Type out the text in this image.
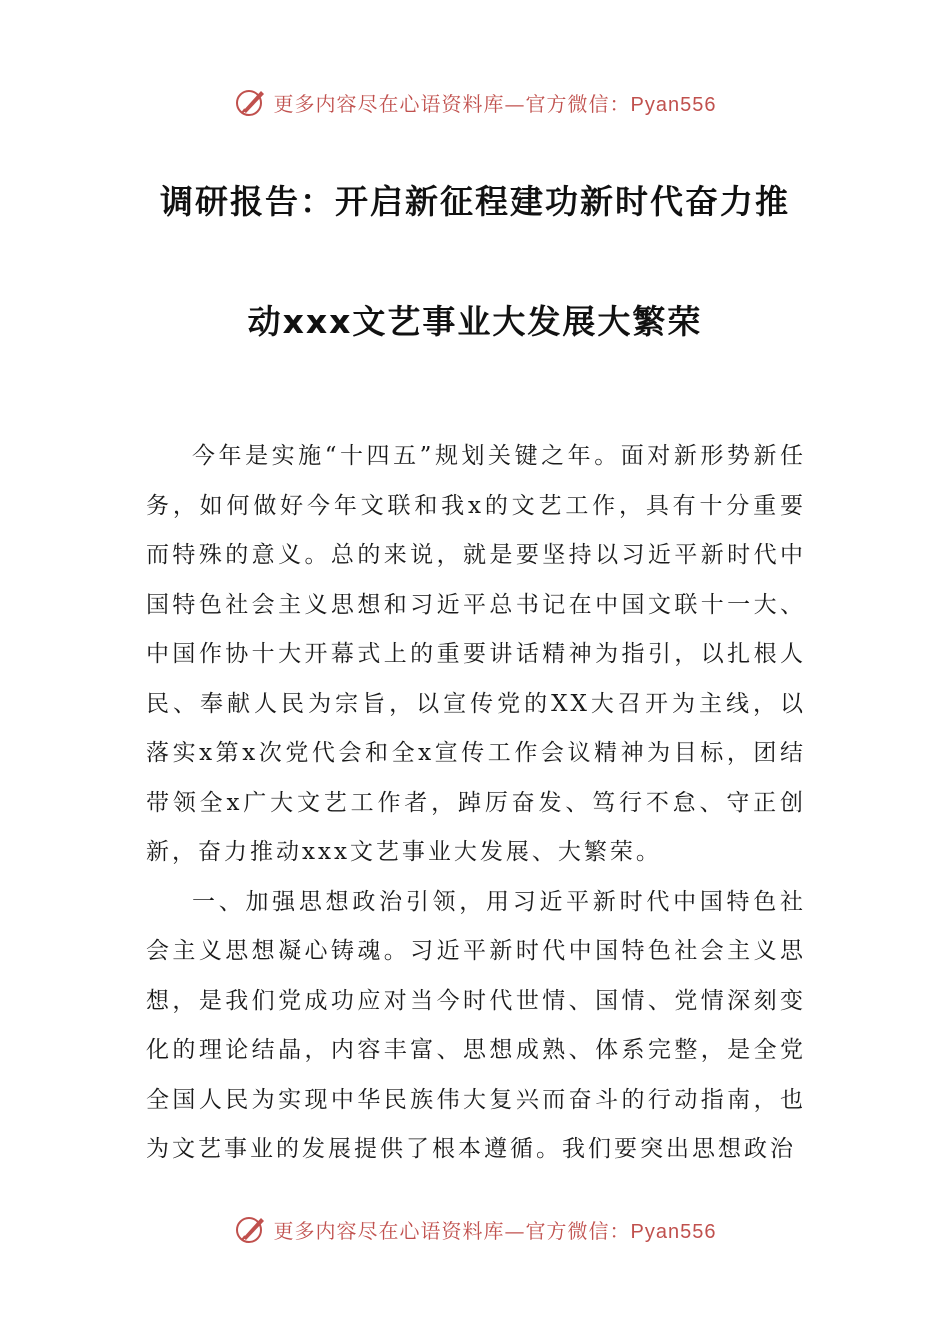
更多内容尽在心语资料库—官方微信：Pyan556
调研报告：开启新征程建功新时代奋力推
动xxx文艺事业大发展大繁荣

今年是实施“十四五”规划关键之年。面对新形势新任务，如何做好今年文联和我x的文艺工作，具有十分重要而特殊的意义。总的来说，就是要坚持以习近平新时代中国特色社会主义思想和习近平总书记在中国文联十一大、中国作协十大开幕式上的重要讲话精神为指引，以扎根人民、奉献人民为宗旨，以宣传党的XX大召开为主线，以落实x第x次党代会和全x宣传工作会议精神为目标，团结带领全x广大文艺工作者，踔厉奋发、笃行不怠、守正创新，奋力推动xxx文艺事业大发展、大繁荣。

一、加强思想政治引领，用习近平新时代中国特色社会主义思想凝心铸魂。习近平新时代中国特色社会主义思想，是我们党成功应对当今时代世情、国情、党情深刻变化的理论结晶，内容丰富、思想成熟、体系完整，是全党全国人民为实现中华民族伟大复兴而奋斗的行动指南，也为文艺事业的发展提供了根本遵循。我们要突出思想政治

更多内容尽在心语资料库—官方微信：Pyan556
